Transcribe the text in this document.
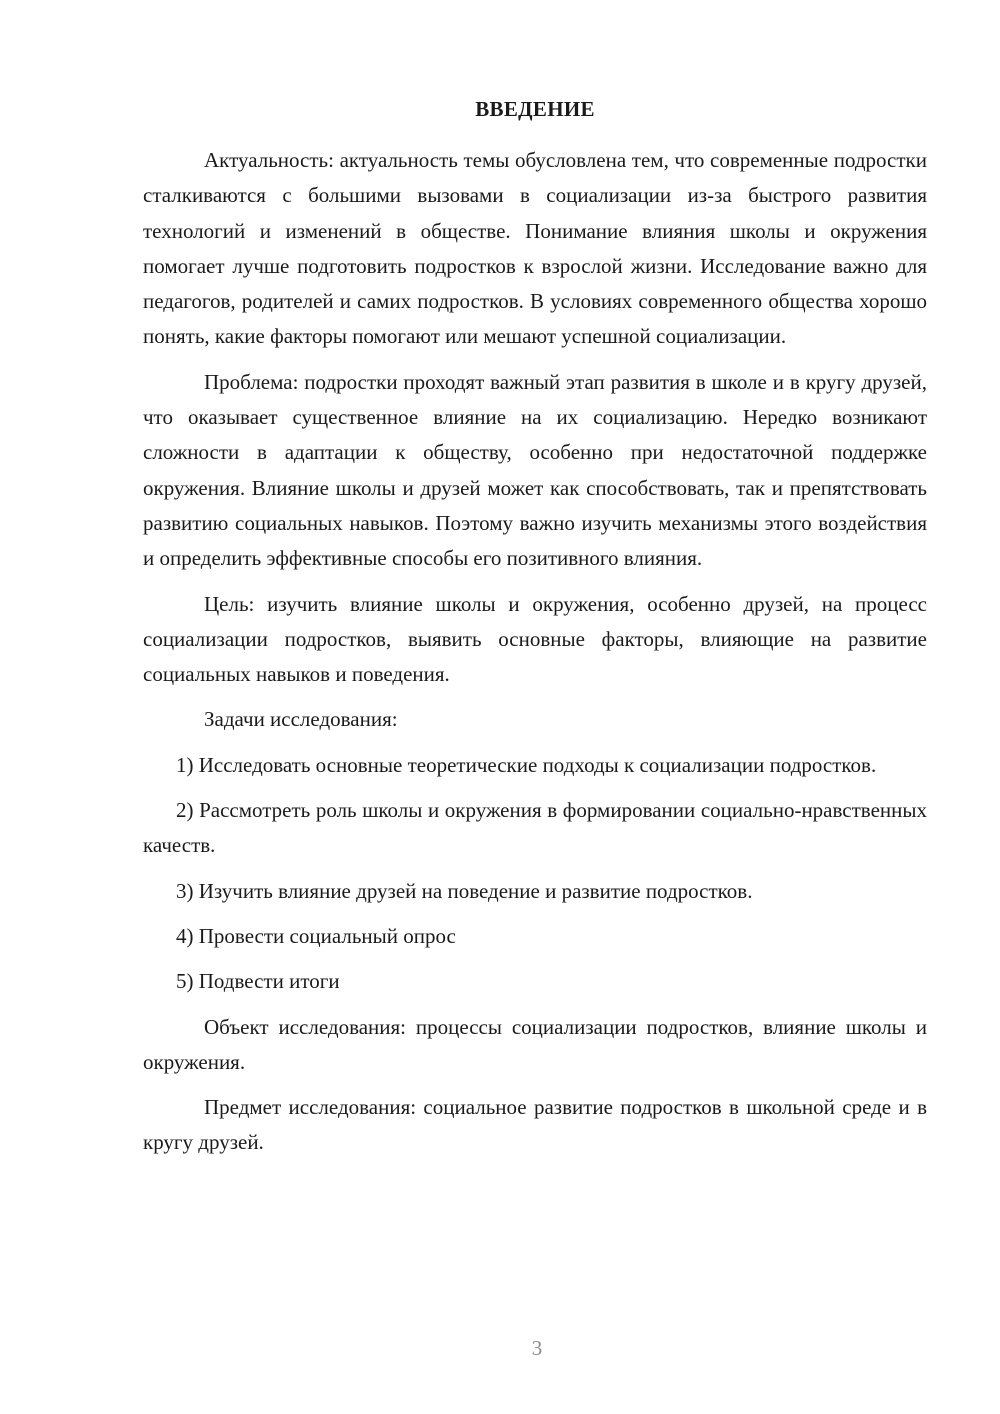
ВВЕДЕНИЕ

Актуальность: актуальность темы обусловлена тем, что современные подростки сталкиваются с большими вызовами в социализации из-за быстрого развития технологий и изменений в обществе. Понимание влияния школы и окружения помогает лучше подготовить подростков к взрослой жизни. Исследование важно для педагогов, родителей и самих подростков. В условиях современного общества хорошо понять, какие факторы помогают или мешают успешной социализации.

Проблема: подростки проходят важный этап развития в школе и в кругу друзей, что оказывает существенное влияние на их социализацию. Нередко возникают сложности в адаптации к обществу, особенно при недостаточной поддержке окружения. Влияние школы и друзей может как способствовать, так и препятствовать развитию социальных навыков. Поэтому важно изучить механизмы этого воздействия и определить эффективные способы его позитивного влияния.

Цель: изучить влияние школы и окружения, особенно друзей, на процесс социализации подростков, выявить основные факторы, влияющие на развитие социальных навыков и поведения.

Задачи исследования:

1) Исследовать основные теоретические подходы к социализации подростков.

2) Рассмотреть роль школы и окружения в формировании социально-нравственных качеств.

3) Изучить влияние друзей на поведение и развитие подростков.

4) Провести социальный опрос

5) Подвести итоги

Объект исследования: процессы социализации подростков, влияние школы и окружения.

Предмет исследования: социальное развитие подростков в школьной среде и в кругу друзей.

3
